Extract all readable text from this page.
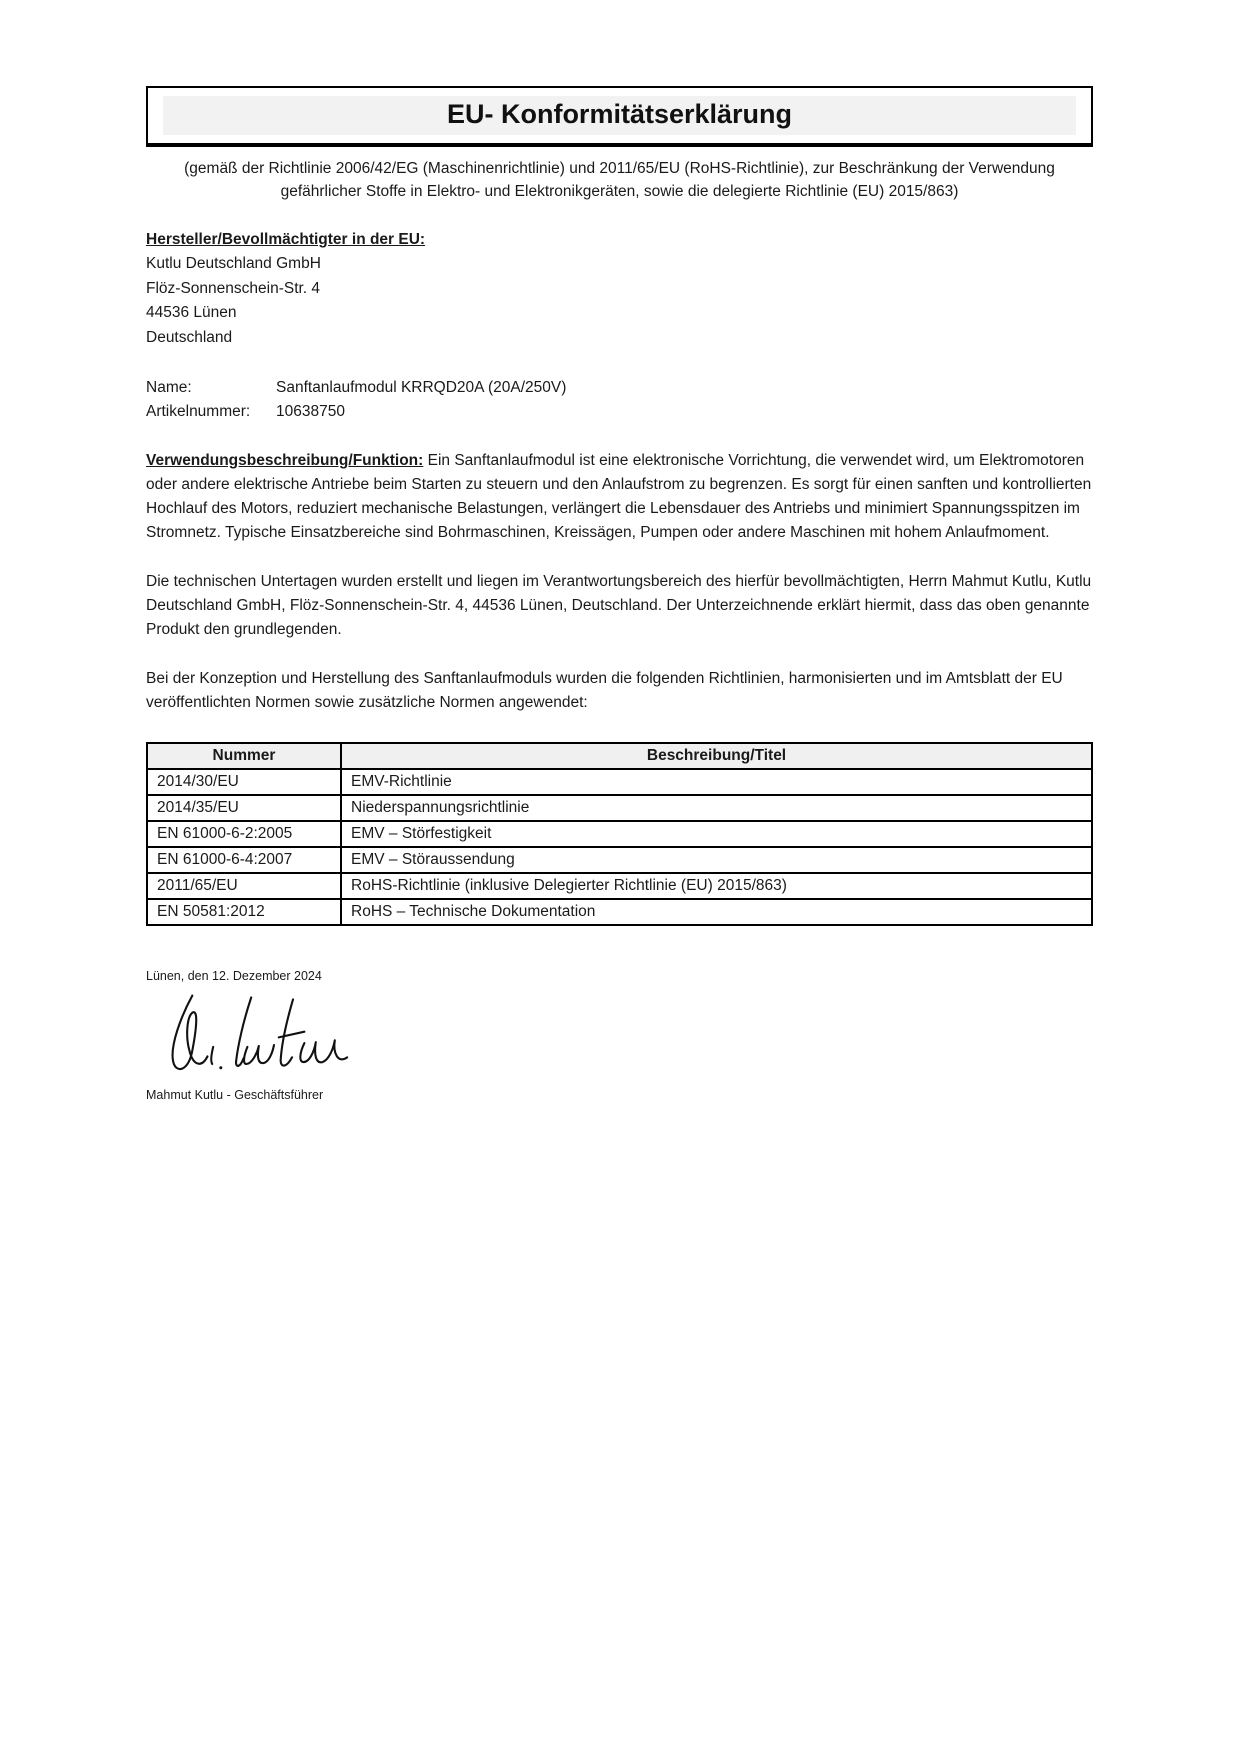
EU- Konformitätserklärung

(gemäß der Richtlinie 2006/42/EG (Maschinenrichtlinie) und 2011/65/EU (RoHS-Richtlinie), zur Beschränkung der Verwendung gefährlicher Stoffe in Elektro- und Elektronikgeräten, sowie die delegierte Richtlinie (EU) 2015/863)

Hersteller/Bevollmächtigter in der EU:
Kutlu Deutschland GmbH
Flöz-Sonnenschein-Str. 4
44536 Lünen
Deutschland
Name:	Sanftanlaufmodul KRRQD20A (20A/250V)
Artikelnummer:	10638750

Verwendungsbeschreibung/Funktion: Ein Sanftanlaufmodul ist eine elektronische Vorrichtung, die verwendet wird, um Elektromotoren oder andere elektrische Antriebe beim Starten zu steuern und den Anlaufstrom zu begrenzen. Es sorgt für einen sanften und kontrollierten Hochlauf des Motors, reduziert mechanische Belastungen, verlängert die Lebensdauer des Antriebs und minimiert Spannungsspitzen im Stromnetz. Typische Einsatzbereiche sind Bohrmaschinen, Kreissägen, Pumpen oder andere Maschinen mit hohem Anlaufmoment.

Die technischen Untertagen wurden erstellt und liegen im Verantwortungsbereich des hierfür bevollmächtigten, Herrn Mahmut Kutlu, Kutlu Deutschland GmbH, Flöz-Sonnenschein-Str. 4, 44536 Lünen, Deutschland. Der Unterzeichnende erklärt hiermit, dass das oben genannte Produkt den grundlegenden.

Bei der Konzeption und Herstellung des Sanftanlaufmoduls wurden die folgenden Richtlinien, harmonisierten und im Amtsblatt der EU veröffentlichten Normen sowie zusätzliche Normen angewendet:

Nummer	Beschreibung/Titel
2014/30/EU	EMV-Richtlinie
2014/35/EU	Niederspannungsrichtlinie
EN 61000-6-2:2005	EMV – Störfestigkeit
EN 61000-6-4:2007	EMV – Störaussendung
2011/65/EU	RoHS-Richtlinie (inklusive Delegierter Richtlinie (EU) 2015/863)
EN 50581:2012	RoHS – Technische Dokumentation
Lünen, den 12. Dezember 2024
Mahmut Kutlu - Geschäftsführer
